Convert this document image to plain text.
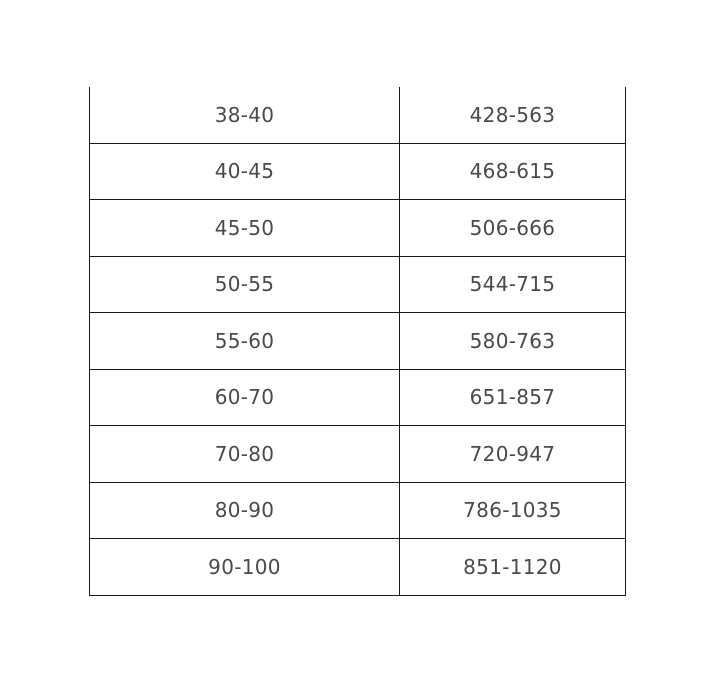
38-40	428-563
40-45	468-615
45-50	506-666
50-55	544-715
55-60	580-763
60-70	651-857
70-80	720-947
80-90	786-1035
90-100	851-1120
